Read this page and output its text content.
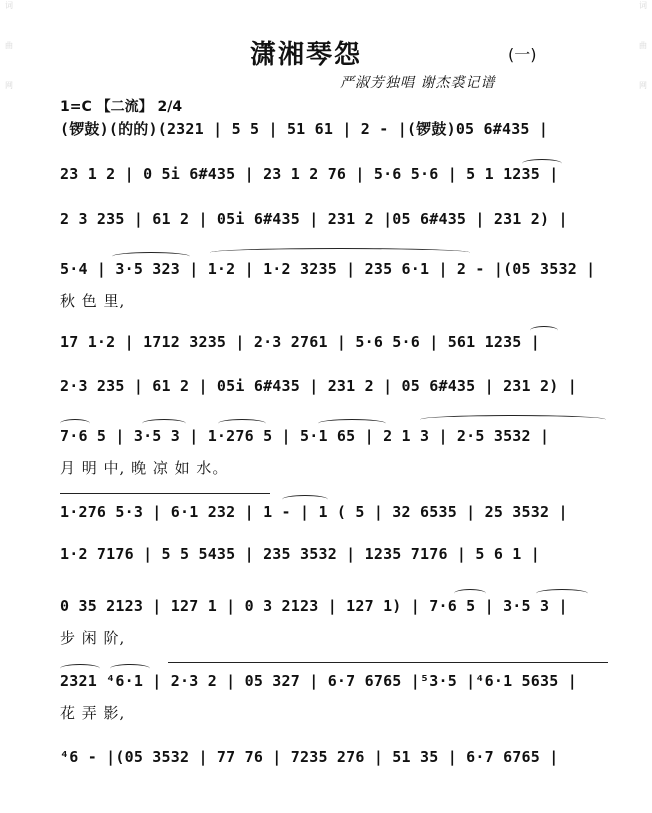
词
曲
网
词
曲
网
潇湘琴怨	(一)
严淑芳独唱 谢杰裘记谱
1=C 【二流】 2/4
(锣鼓)(的的)(2321 | 5 5 | 51 61 | 2 - |(锣鼓)05 6#435 |
23 1 2 | 0 5i 6#435 | 23 1 2 76 | 5·6 5·6 | 5 1 1235 |
2 3 235 | 61 2 | 05i 6#435 | 231 2 |05 6#435 | 231 2) |
5·4 | 3·5 323 | 1·2 | 1·2 3235 | 235 6·1 | 2 - |(05 3532 |
秋 色 里,
17 1·2 | 1712 3235 | 2·3 2761 | 5·6 5·6 | 561 1235 |
2·3 235 | 61 2 | 05i 6#435 | 231 2 | 05 6#435 | 231 2) |
7·6 5 | 3·5 3 | 1·276 5 | 5·1 65 | 2 1 3 | 2·5 3532 |
月 明 中, 晚 凉 如 水。
1·276 5·3 | 6·1 232 | 1 - | 1 ( 5 | 32 6535 | 25 3532 |
1·2 7176 | 5 5 5435 | 235 3532 | 1235 7176 | 5 6 1 |
0 35 2123 | 127 1 | 0 3 2123 | 127 1) | 7·6 5 | 3·5 3 |
步 闲 阶,
2321 ⁴6·1 | 2·3 2 | 05 327 | 6·7 6765 |⁵3·5 |⁴6·1 5635 |
花 弄 影,
⁴6 - |(05 3532 | 77 76 | 7235 276 | 51 35 | 6·7 6765 |
